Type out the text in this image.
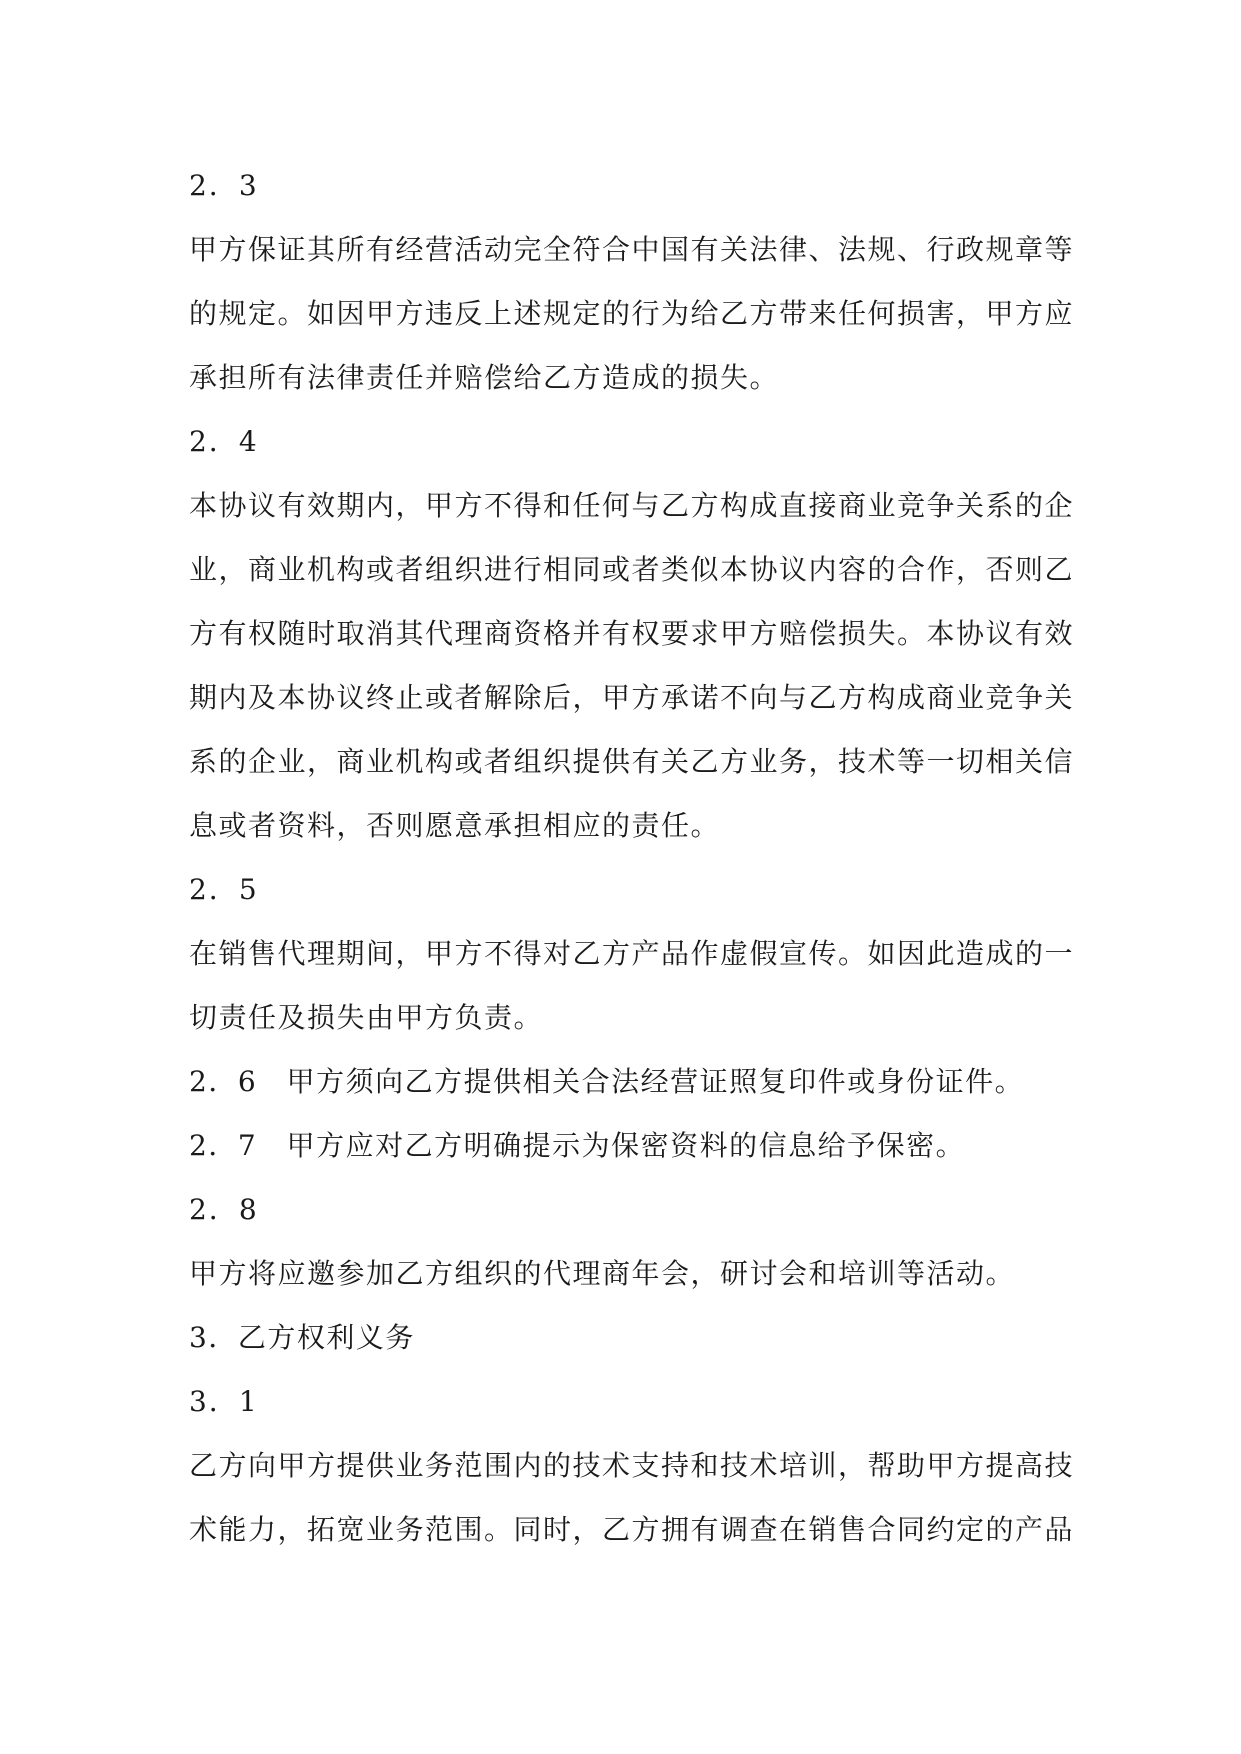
2．3
甲方保证其所有经营活动完全符合中国有关法律、法规、行政规章等
的规定。如因甲方违反上述规定的行为给乙方带来任何损害，甲方应
承担所有法律责任并赔偿给乙方造成的损失。
2．4
本协议有效期内，甲方不得和任何与乙方构成直接商业竞争关系的企
业，商业机构或者组织进行相同或者类似本协议内容的合作，否则乙
方有权随时取消其代理商资格并有权要求甲方赔偿损失。本协议有效
期内及本协议终止或者解除后，甲方承诺不向与乙方构成商业竞争关
系的企业，商业机构或者组织提供有关乙方业务，技术等一切相关信
息或者资料，否则愿意承担相应的责任。
2．5
在销售代理期间，甲方不得对乙方产品作虚假宣传。如因此造成的一
切责任及损失由甲方负责。
2．6　甲方须向乙方提供相关合法经营证照复印件或身份证件。
2．7　甲方应对乙方明确提示为保密资料的信息给予保密。
2．8
甲方将应邀参加乙方组织的代理商年会，研讨会和培训等活动。
3．乙方权利义务
3．1
乙方向甲方提供业务范围内的技术支持和技术培训，帮助甲方提高技
术能力，拓宽业务范围。同时，乙方拥有调查在销售合同约定的产品
